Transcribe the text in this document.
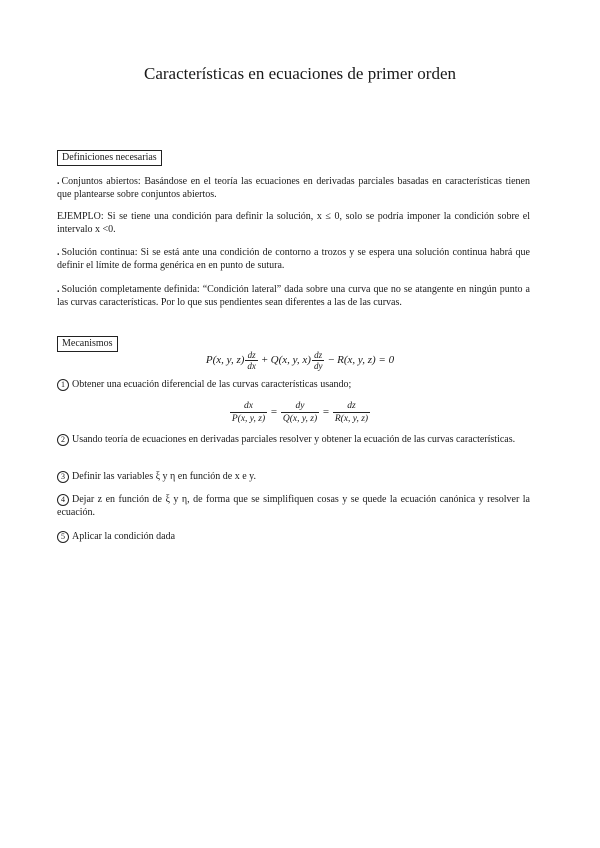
Características en ecuaciones de primer orden
Definiciones necesarias

. Conjuntos abiertos: Basándose en el teoría las ecuaciones en derivadas parciales basadas en características tienen que plantearse sobre conjuntos abiertos.

EJEMPLO: Si se tiene una condición para definir la solución, x ≤ 0, solo se podría imponer la condición sobre el intervalo x <0.

. Solución continua: Si se está ante una condición de contorno a trozos y se espera una solución continua habrá que definir el límite de forma genérica en en punto de sutura.

. Solución completamente definida: “Condición lateral” dada sobre una curva que no se atangente en ningún punto a las curvas características. Por lo que sus pendientes sean diferentes a las de las curvas.

Mecanismos
P(x, y, $z) \frac{dz}{dx} + Q(x$, y, $x) \frac{dz}{dy} - R(x$, y, z) = 0

1 Obtener una ecuación diferencial de las curvas características usando;

$\frac{dx}{P(x, y, z)} = \frac{dy}{Q(x, y, z)} = \frac{dz}{R(x, y, z)}$

2 Usando teoría de ecuaciones en derivadas parciales resolver y obtener la ecuación de las curvas características.

3 Definir las variables ξ y η en función de x e y.

4 Dejar z en función de ξ y η, de forma que se simplifiquen cosas y se quede la ecuación canónica y resolver la ecuación.

5 Aplicar la condición dada
